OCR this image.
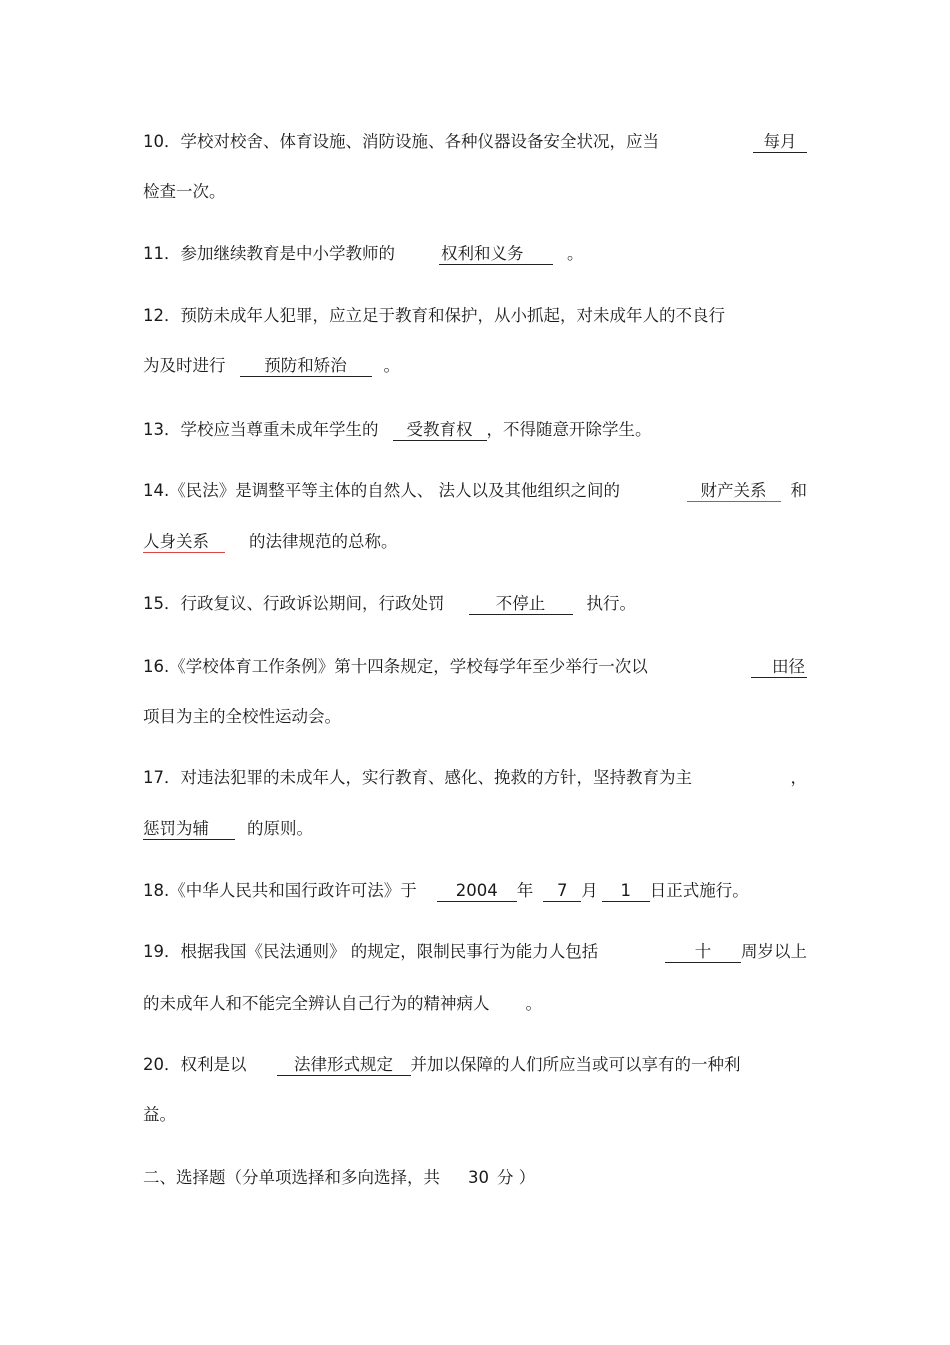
10．学校对校舍、体育设施、消防设施、各种仪器设备安全状况，应当	每月
检查一次。
11．参加继续教育是中小学教师的	权利和义务	。
12．预防未成年人犯罪，应立足于教育和保护，从小抓起，对未成年人的不良行
为及时进行 预防和矫治 。
13．学校应当尊重未成年学生的 受教育权 ，不得随意开除学生。
14.《民法》是调整平等主体的自然人、 法人以及其他组织之间的	财产关系 和
人身关系 的法律规范的总称。
15．行政复议、行政诉讼期间，行政处罚	不停止	执行。
16.《学校体育工作条例》第十四条规定，学校每学年至少举行一次以	田径
项目为主的全校性运动会。
17．对违法犯罪的未成年人，实行教育、感化、挽救的方针，坚持教育为主	，
惩罚为辅 的原则。
18.《中华人民共和国行政许可法》于 2004 年 7 月 1 日正式施行。
19．根据我国《民法通则》 的规定，限制民事行为能力人包括	十 周岁以上
的未成年人和不能完全辨认自己行为的精神病人 。
20．权利是以	法律形式规定 并加以保障的人们所应当或可以享有的一种利
益。
二、选择题（分单项选择和多向选择，共 30 分 ）
